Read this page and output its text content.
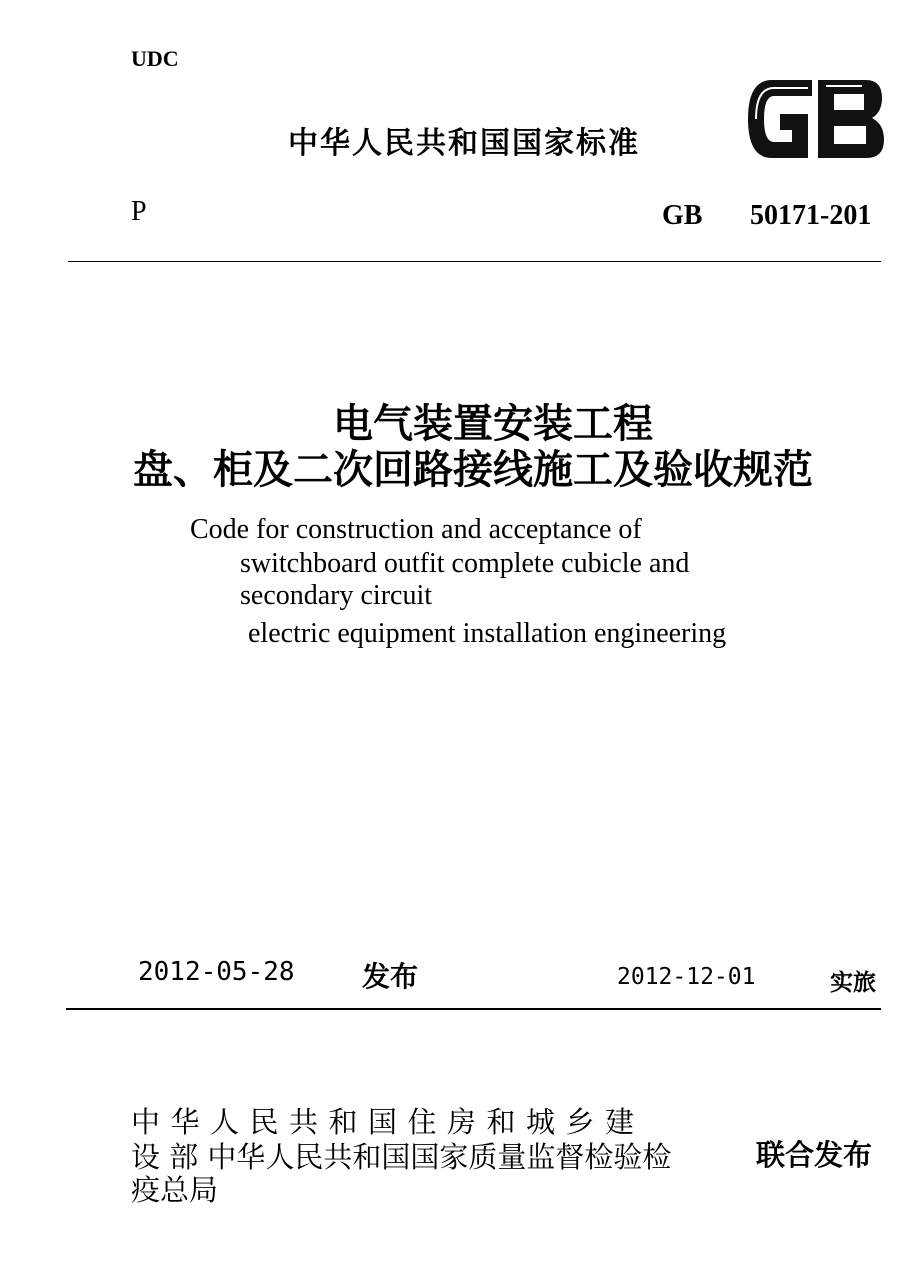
UDC
中华人民共和国国家标准
GB
P	GB 50171-201
电气装置安装工程
盘、柜及二次回路接线施工及验收规范
Code for construction and acceptance of
switchboard outfit complete cubicle and
secondary circuit
electric equipment installation engineering
2012-05-28 发布	2012-12-01	实旅
中华人民共和国住房和城乡建
设 部 中华人民共和国国家质量监督检验检
疫总局
联合发布
